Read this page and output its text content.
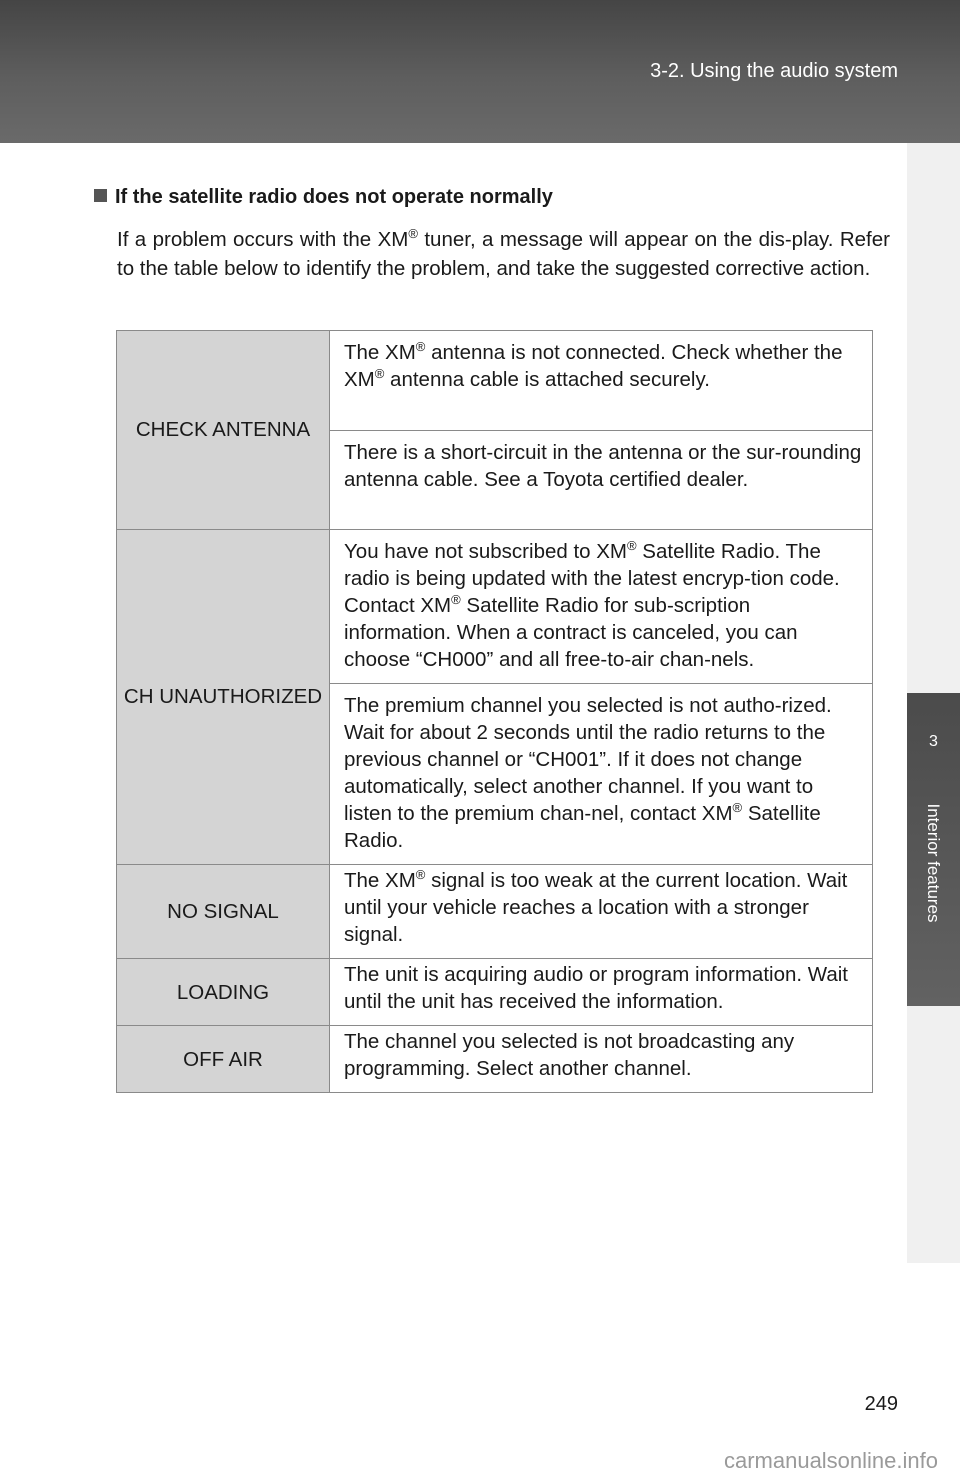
3-2. Using the audio system
3
Interior features
If the satellite radio does not operate normally
If a problem occurs with the XM® tuner, a message will appear on the dis-play. Refer to the table below to identify the problem, and take the suggested corrective action.
CHECK ANTENNA	The XM® antenna is not connected. Check whether the XM® antenna cable is attached securely.
	There is a short-circuit in the antenna or the sur-rounding antenna cable. See a Toyota certified dealer.
CH UNAUTHORIZED	You have not subscribed to XM® Satellite Radio. The radio is being updated with the latest encryp-tion code. Contact XM® Satellite Radio for sub-scription information. When a contract is canceled, you can choose “CH000” and all free-to-air chan-nels.
	The premium channel you selected is not autho-rized. Wait for about 2 seconds until the radio returns to the previous channel or “CH001”. If it does not change automatically, select another channel. If you want to listen to the premium chan-nel, contact XM® Satellite Radio.
NO SIGNAL	The XM® signal is too weak at the current location. Wait until your vehicle reaches a location with a stronger signal.
LOADING	The unit is acquiring audio or program information. Wait until the unit has received the information.
OFF AIR	The channel you selected is not broadcasting any programming. Select another channel.
249
carmanualsonline.info
